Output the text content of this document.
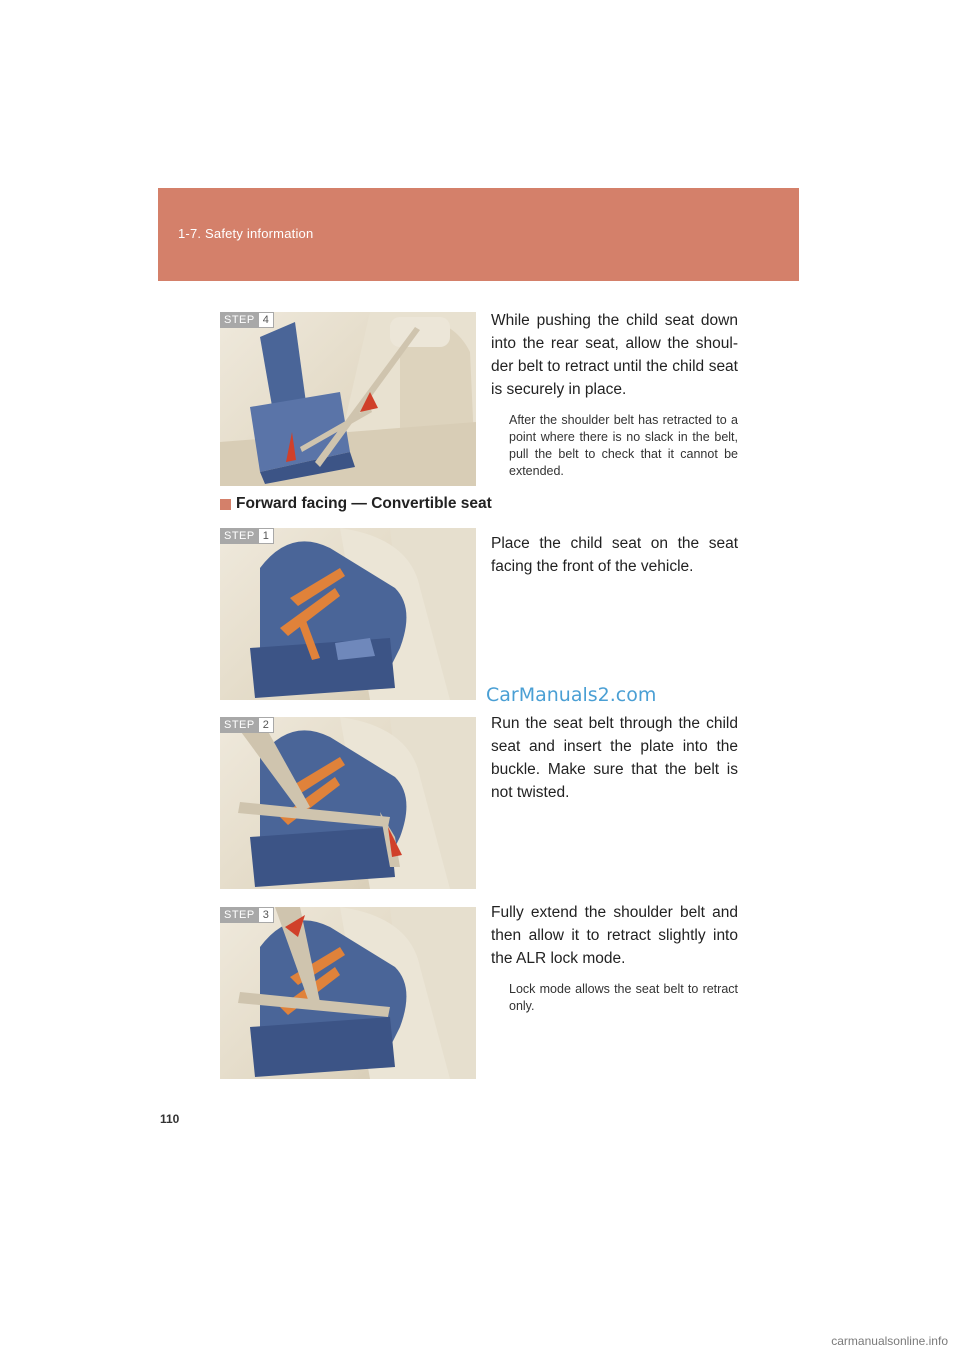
1-7. Safety information
STEP 4	While pushing the child seat down into the rear seat, allow the shoul-der belt to retract until the child seat is securely in place.

After the shoulder belt has retracted to a point where there is no slack in the belt, pull the belt to check that it cannot be extended.

Forward facing — Convertible seat
STEP 1	Place the child seat on the seat facing the front of the vehicle.

CarManuals2.com
STEP 2	Run the seat belt through the child seat and insert the plate into the buckle. Make sure that the belt is not twisted.

STEP 3	Fully extend the shoulder belt and then allow it to retract slightly into the ALR lock mode.

Lock mode allows the seat belt to retract only.

110
carmanualsonline.info
